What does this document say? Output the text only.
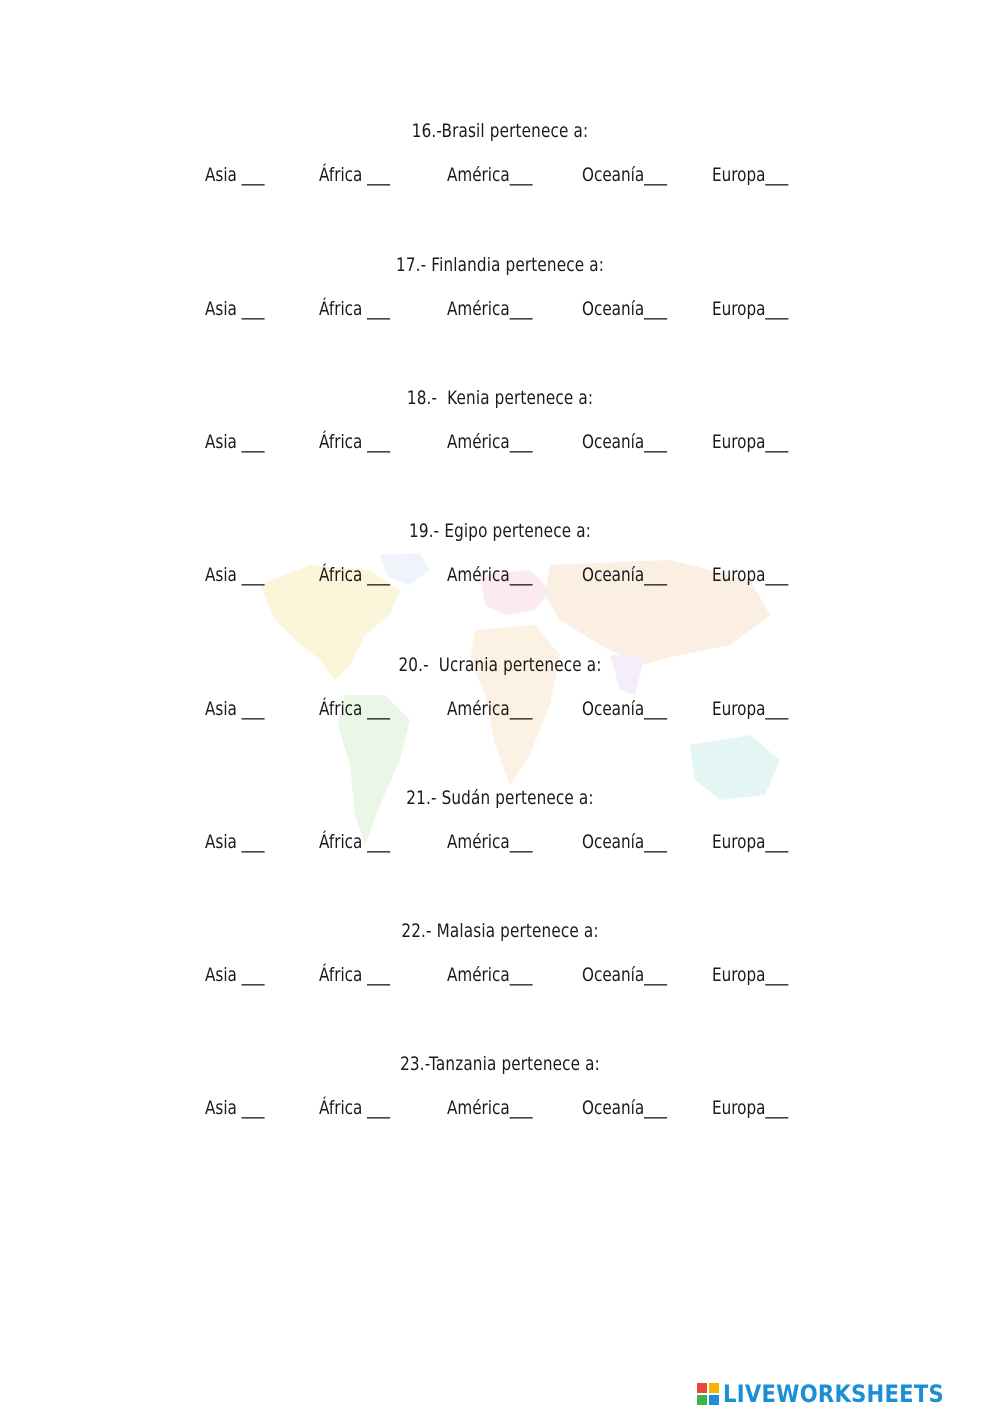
16.-Brasil pertenece a:
Asia ___	África ___	América___	Oceanía___ Europa___
17.- Finlandia pertenece a:
Asia ___	África ___	América___	Oceanía___ Europa___
18.-  Kenia pertenece a:
Asia ___	África ___	América___	Oceanía___ Europa___
19.- Egipo pertenece a:
Asia ___	África ___	América___	Oceanía___ Europa___
20.-  Ucrania pertenece a:
Asia ___	África ___	América___	Oceanía___ Europa___
21.- Sudán pertenece a:
Asia ___	África ___	América___	Oceanía___ Europa___
22.- Malasia pertenece a:
Asia ___	África ___	América___	Oceanía___ Europa___
23.-Tanzania pertenece a:
Asia ___	África ___	América___	Oceanía___ Europa___
LIVEWORKSHEETS
